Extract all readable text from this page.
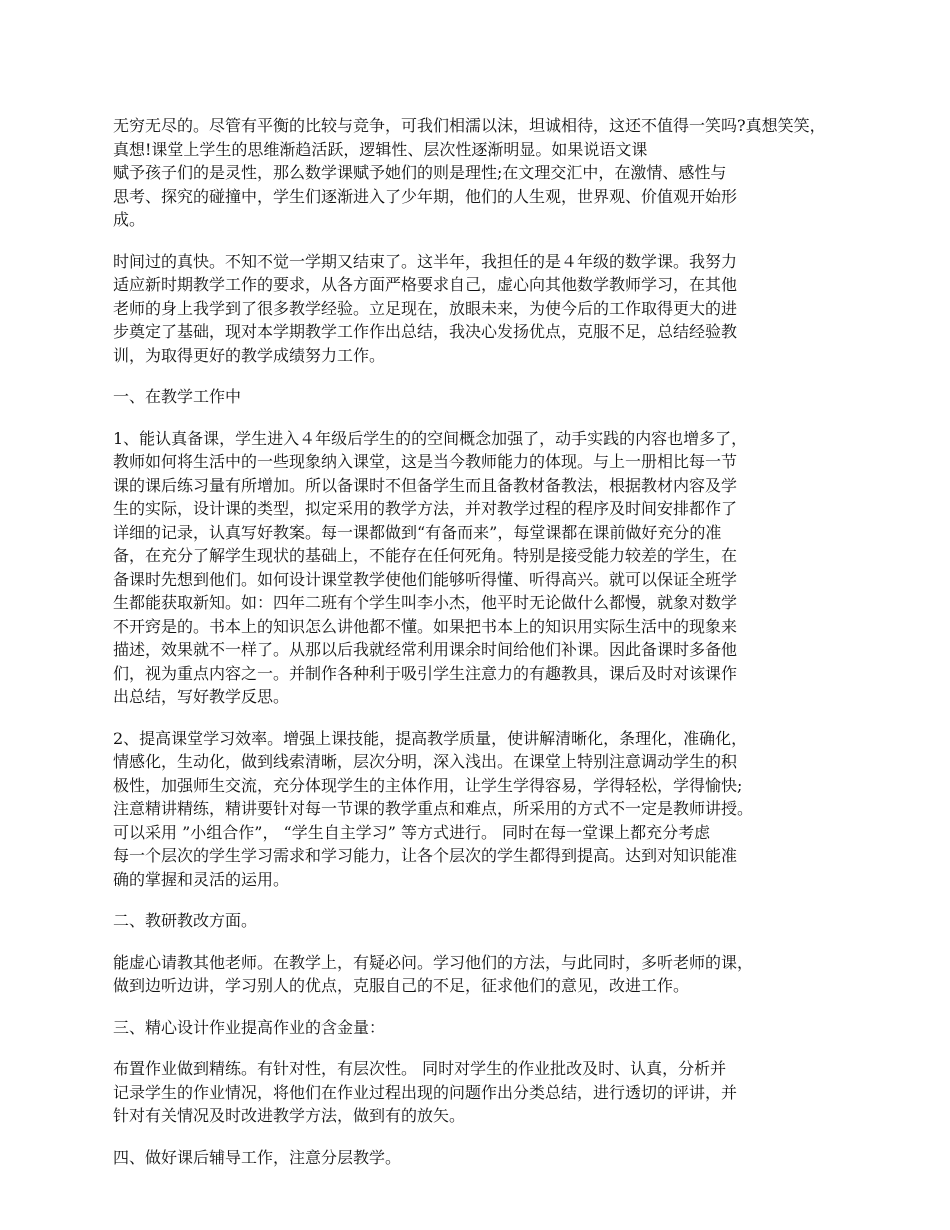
无穷无尽的。尽管有平衡的比较与竞争，可我们相濡以沫，坦诚相待，这还不值得一笑吗?真想笑笑，真想!课堂上学生的思维渐趋活跃，逻辑性、层次性逐渐明显。如果说语文课
赋予孩子们的是灵性，那么数学课赋予她们的则是理性;在文理交汇中，在激情、感性与
思考、探究的碰撞中，学生们逐渐进入了少年期，他们的人生观，世界观、价值观开始形
成。

时间过的真快。不知不觉一学期又结束了。这半年，我担任的是４年级的数学课。我努力
适应新时期教学工作的要求，从各方面严格要求自己，虚心向其他数学教师学习，在其他
老师的身上我学到了很多教学经验。立足现在，放眼未来，为使今后的工作取得更大的进
步奠定了基础，现对本学期教学工作作出总结，我决心发扬优点，克服不足，总结经验教
训，为取得更好的教学成绩努力工作。

一、在教学工作中

1、能认真备课，学生进入４年级后学生的的空间概念加强了，动手实践的内容也增多了，
教师如何将生活中的一些现象纳入课堂，这是当今教师能力的体现。与上一册相比每一节
课的课后练习量有所增加。所以备课时不但备学生而且备教材备教法，根据教材内容及学
生的实际，设计课的类型，拟定采用的教学方法，并对教学过程的程序及时间安排都作了
详细的记录，认真写好教案。每一课都做到“有备而来”，每堂课都在课前做好充分的准
备，在充分了解学生现状的基础上，不能存在任何死角。特别是接受能力较差的学生，在
备课时先想到他们。如何设计课堂教学使他们能够听得懂、听得高兴。就可以保证全班学
生都能获取新知。如：四年二班有个学生叫李小杰，他平时无论做什么都慢，就象对数学
不开窍是的。书本上的知识怎么讲他都不懂。如果把书本上的知识用实际生活中的现象来
描述，效果就不一样了。从那以后我就经常利用课余时间给他们补课。因此备课时多备他
们，视为重点内容之一。并制作各种利于吸引学生注意力的有趣教具，课后及时对该课作
出总结，写好教学反思。

2、提高课堂学习效率。增强上课技能，提高教学质量，使讲解清晰化，条理化，准确化，
情感化，生动化，做到线索清晰，层次分明，深入浅出。在课堂上特别注意调动学生的积
极性，加强师生交流，充分体现学生的主体作用，让学生学得容易，学得轻松，学得愉快;
注意精讲精练，精讲要针对每一节课的教学重点和难点，所采用的方式不一定是教师讲授。
可以采用 ”小组合作”， “学生自主学习” 等方式进行。 同时在每一堂课上都充分考虑
每一个层次的学生学习需求和学习能力，让各个层次的学生都得到提高。达到对知识能准
确的掌握和灵活的运用。

二、教研教改方面。

能虚心请教其他老师。在教学上，有疑必问。学习他们的方法，与此同时，多听老师的课，
做到边听边讲，学习别人的优点，克服自己的不足，征求他们的意见，改进工作。

三、精心设计作业提高作业的含金量：

布置作业做到精练。有针对性，有层次性。 同时对学生的作业批改及时、认真，分析并
记录学生的作业情况，将他们在作业过程出现的问题作出分类总结，进行透切的评讲，并
针对有关情况及时改进教学方法，做到有的放矢。

四、做好课后辅导工作，注意分层教学。
